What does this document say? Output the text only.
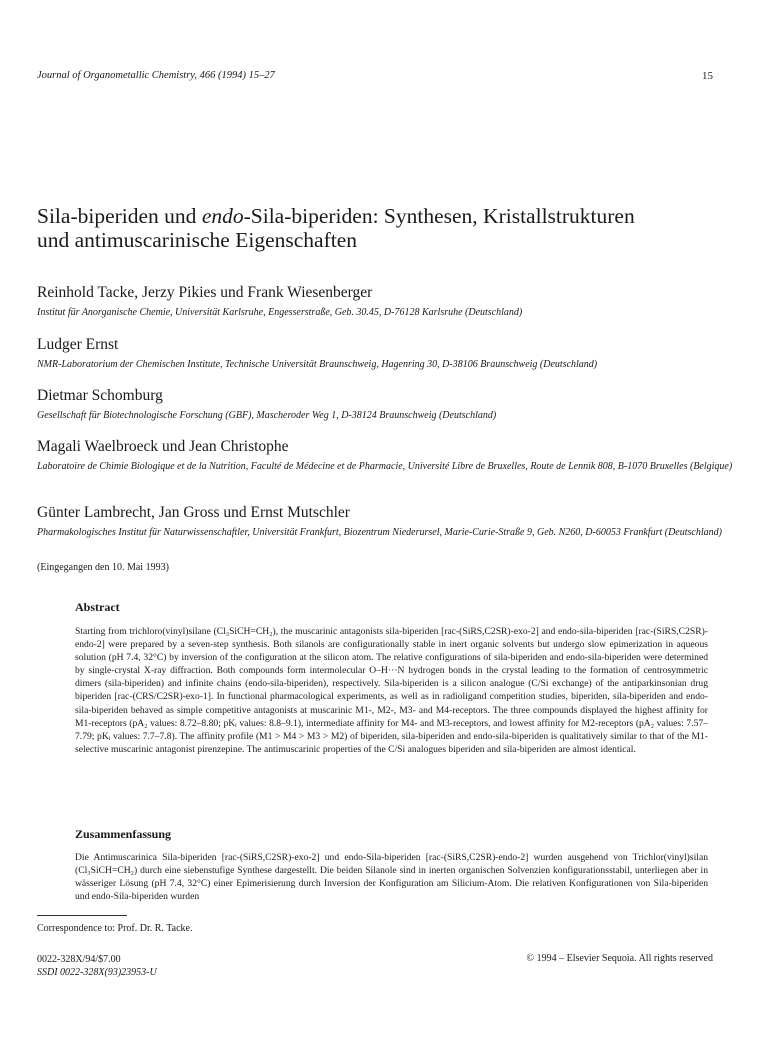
Journal of Organometallic Chemistry, 466 (1994) 15–27	15
Sila-biperiden und endo-Sila-biperiden: Synthesen, Kristallstrukturen
und antimuscarinische Eigenschaften
Reinhold Tacke, Jerzy Pikies und Frank Wiesenberger
Institut für Anorganische Chemie, Universität Karlsruhe, Engesserstraße, Geb. 30.45, D-76128 Karlsruhe (Deutschland)
Ludger Ernst
NMR-Laboratorium der Chemischen Institute, Technische Universität Braunschweig, Hagenring 30, D-38106 Braunschweig (Deutschland)
Dietmar Schomburg
Gesellschaft für Biotechnologische Forschung (GBF), Mascheroder Weg 1, D-38124 Braunschweig (Deutschland)
Magali Waelbroeck und Jean Christophe
Laboratoire de Chimie Biologique et de la Nutrition, Faculté de Médecine et de Pharmacie, Université Libre de Bruxelles, Route de Lennik 808, B-1070 Bruxelles (Belgique)
Günter Lambrecht, Jan Gross und Ernst Mutschler
Pharmakologisches Institut für Naturwissenschaftler, Universität Frankfurt, Biozentrum Niederursel, Marie-Curie-Straße 9, Geb. N260, D-60053 Frankfurt (Deutschland)
(Eingegangen den 10. Mai 1993)
Abstract

Starting from trichloro(vinyl)silane (Cl₃SiCH=CH₂), the muscarinic antagonists sila-biperiden [rac-(SiRS,C2SR)-exo-2] and endo-sila-biperiden [rac-(SiRS,C2SR)-endo-2] were prepared by a seven-step synthesis. Both silanols are configurationally stable in inert organic solvents but undergo slow epimerization in aqueous solution (pH 7.4, 32°C) by inversion of the configuration at the silicon atom. The relative configurations of sila-biperiden and endo-sila-biperiden were determined by single-crystal X-ray diffraction. Both compounds form intermolecular O–H···N hydrogen bonds in the crystal leading to the formation of centrosymmetric dimers (sila-biperiden) and infinite chains (endo-sila-biperiden), respectively. Sila-biperiden is a silicon analogue (C/Si exchange) of the antiparkinsonian drug biperiden [rac-(CRS/C2SR)-exo-1]. In functional pharmacological experiments, as well as in radioligand competition studies, biperiden, sila-biperiden and endo-sila-biperiden behaved as simple competitive antagonists at muscarinic M1-, M2-, M3- and M4-receptors. The three compounds displayed the highest affinity for M1-receptors (pA₂ values: 8.72–8.80; pKᵢ values: 8.8–9.1), intermediate affinity for M4- and M3-receptors, and lowest affinity for M2-receptors (pA₂ values: 7.57–7.79; pKᵢ values: 7.7–7.8). The affinity profile (M1 > M4 > M3 > M2) of biperiden, sila-biperiden and endo-sila-biperiden is qualitatively similar to that of the M1-selective muscarinic antagonist pirenzepine. The antimuscarinic properties of the C/Si analogues biperiden and sila-biperiden are almost identical.

Zusammenfassung

Die Antimuscarinica Sila-biperiden [rac-(SiRS,C2SR)-exo-2] und endo-Sila-biperiden [rac-(SiRS,C2SR)-endo-2] wurden ausgehend von Trichlor(vinyl)silan (Cl₃SiCH=CH₂) durch eine siebenstufige Synthese dargestellt. Die beiden Silanole sind in inerten organischen Solvenzien konfigurationsstabil, unterliegen aber in wässeriger Lösung (pH 7.4, 32°C) einer Epimerisierung durch Inversion der Konfiguration am Silicium-Atom. Die relativen Konfigurationen von Sila-biperiden und endo-Sila-biperiden wurden

Correspondence to: Prof. Dr. R. Tacke.
0022-328X/94/$7.00
SSDI 0022-328X(93)23953-U
© 1994 – Elsevier Sequoia. All rights reserved
